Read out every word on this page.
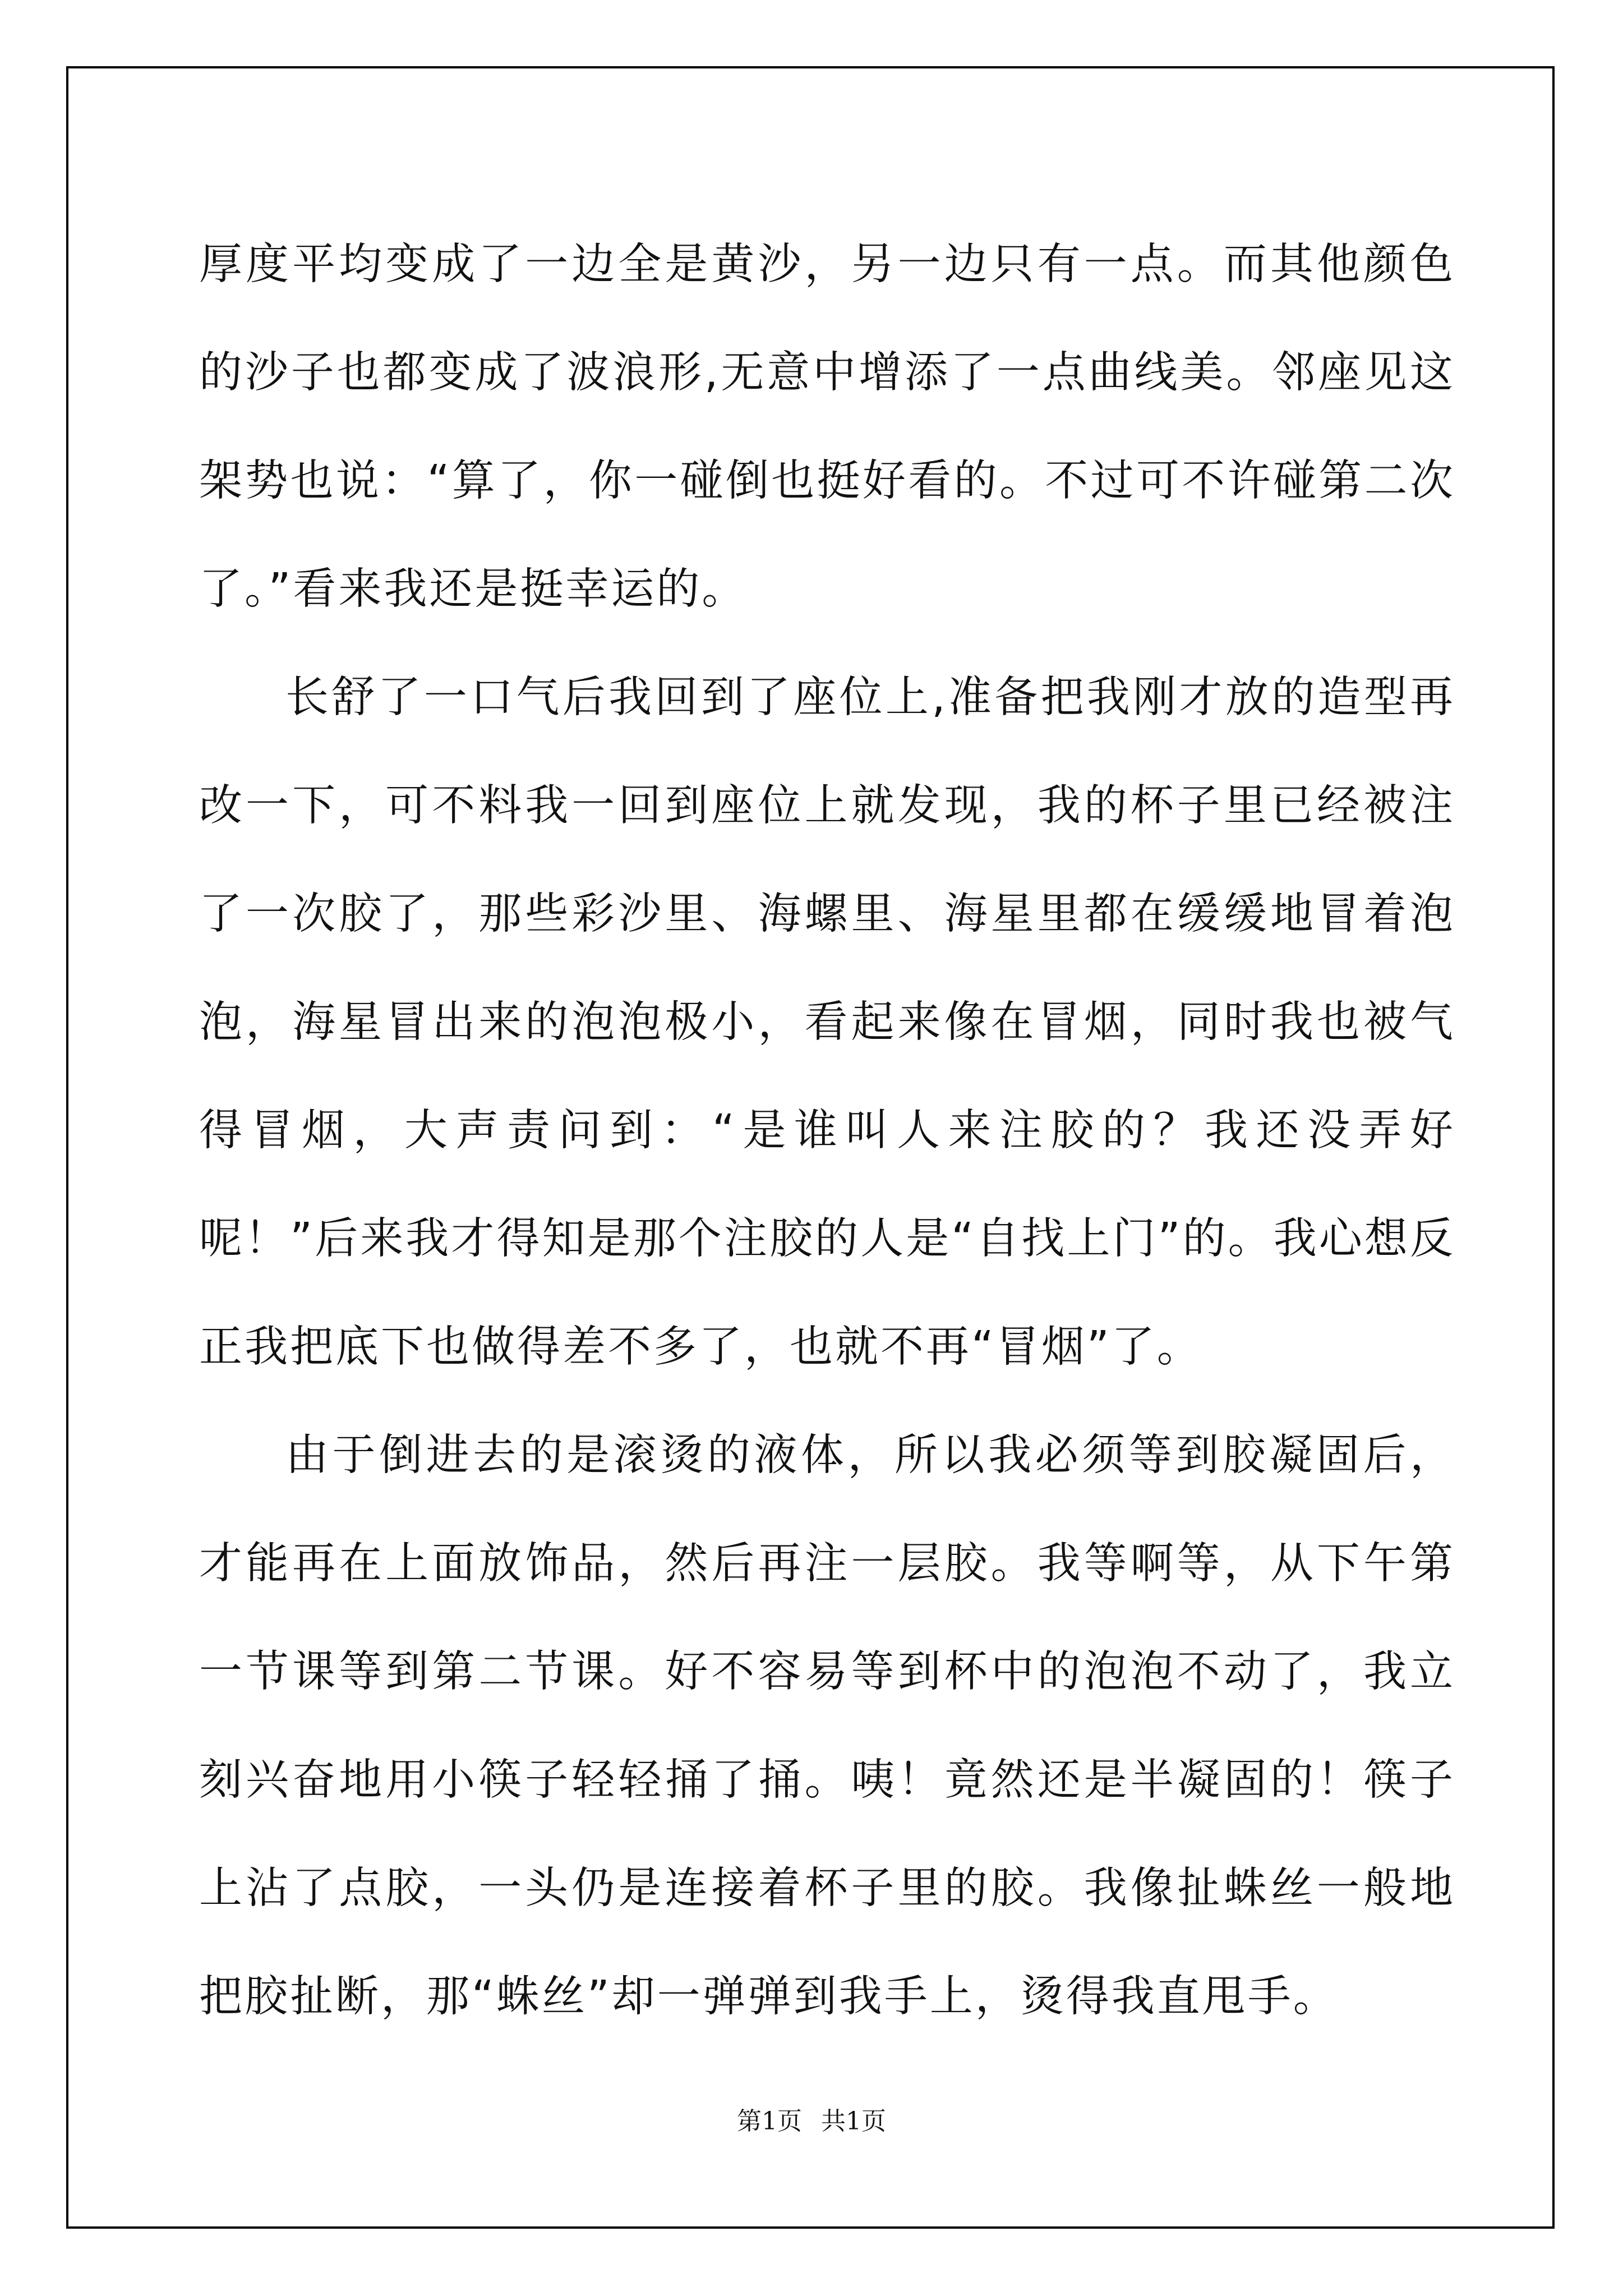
厚度平均变成了一边全是黄沙，另一边只有一点。而其他颜色的沙子也都变成了波浪形,无意中增添了一点曲线美。邻座见这架势也说：“算了，你一碰倒也挺好看的。不过可不许碰第二次了。”看来我还是挺幸运的。

长舒了一口气后我回到了座位上,准备把我刚才放的造型再改一下，可不料我一回到座位上就发现，我的杯子里已经被注了一次胶了，那些彩沙里、海螺里、海星里都在缓缓地冒着泡泡，海星冒出来的泡泡极小，看起来像在冒烟，同时我也被气得冒烟，大声责问到：“是谁叫人来注胶的？我还没弄好呢！”后来我才得知是那个注胶的人是“自找上门”的。我心想反正我把底下也做得差不多了，也就不再“冒烟”了。

由于倒进去的是滚烫的液体，所以我必须等到胶凝固后，才能再在上面放饰品，然后再注一层胶。我等啊等，从下午第一节课等到第二节课。好不容易等到杯中的泡泡不动了，我立刻兴奋地用小筷子轻轻捅了捅。咦！竟然还是半凝固的！筷子上沾了点胶，一头仍是连接着杯子里的胶。我像扯蛛丝一般地把胶扯断，那“蛛丝”却一弹弹到我手上，烫得我直甩手。

第1页 共1页
